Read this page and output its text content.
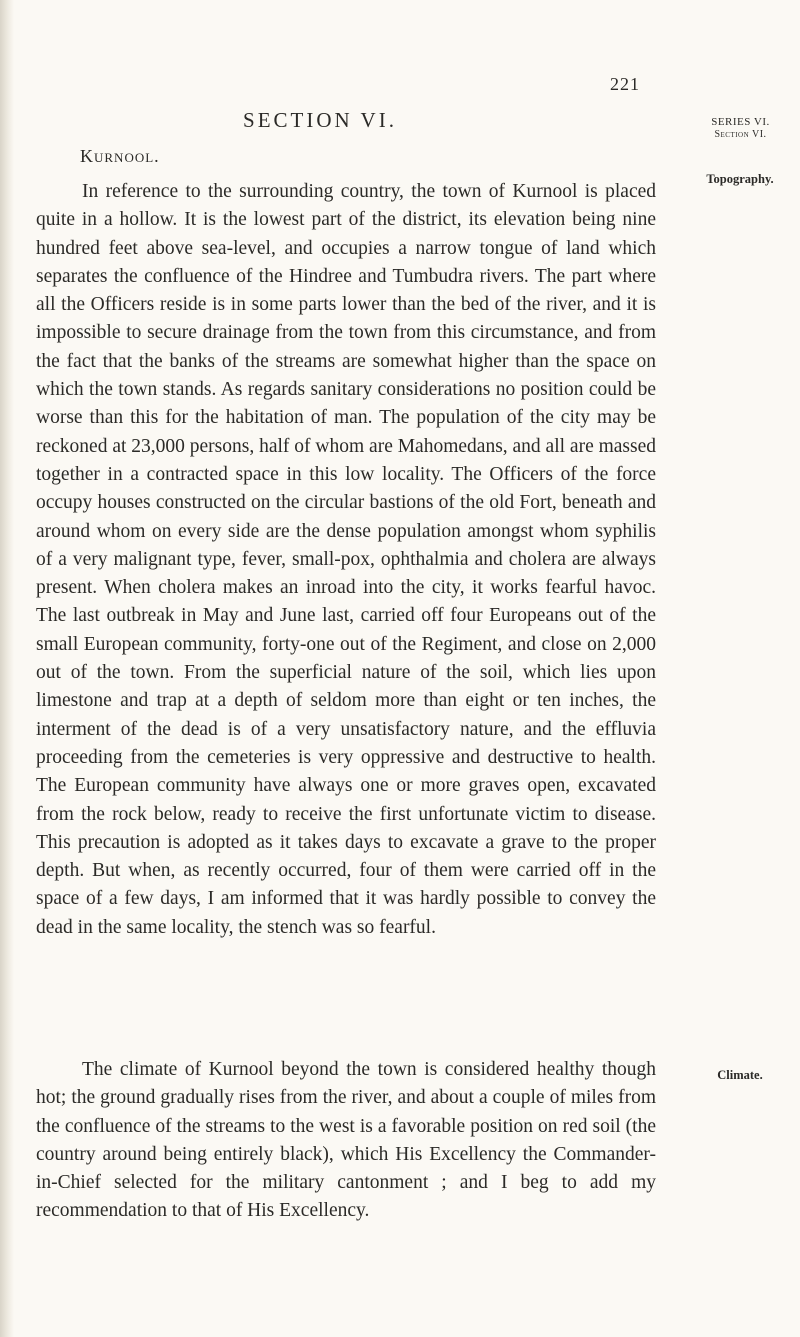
221
SECTION VI.
Kurnool.
SERIES VI.
Section VI.
Topography.
Climate.

In reference to the surrounding country, the town of Kurnool is placed quite in a hollow. It is the lowest part of the district, its elevation being nine hundred feet above sea-level, and occupies a narrow tongue of land which separates the confluence of the Hindree and Tumbudra rivers. The part where all the Officers reside is in some parts lower than the bed of the river, and it is impossible to secure drainage from the town from this circumstance, and from the fact that the banks of the streams are somewhat higher than the space on which the town stands. As regards sanitary considerations no position could be worse than this for the habitation of man. The population of the city may be reckoned at 23,000 persons, half of whom are Mahomedans, and all are massed together in a contracted space in this low locality. The Officers of the force occupy houses constructed on the circular bastions of the old Fort, beneath and around whom on every side are the dense population amongst whom syphilis of a very malignant type, fever, small-pox, ophthalmia and cholera are always present. When cholera makes an inroad into the city, it works fearful havoc. The last outbreak in May and June last, carried off four Europeans out of the small European community, forty-one out of the Regiment, and close on 2,000 out of the town. From the superficial nature of the soil, which lies upon limestone and trap at a depth of seldom more than eight or ten inches, the interment of the dead is of a very unsatisfactory nature, and the effluvia proceeding from the cemeteries is very oppressive and destructive to health. The European community have always one or more graves open, excavated from the rock below, ready to receive the first unfortunate victim to disease. This precaution is adopted as it takes days to excavate a grave to the proper depth. But when, as recently occurred, four of them were carried off in the space of a few days, I am informed that it was hardly possible to convey the dead in the same locality, the stench was so fearful.

The climate of Kurnool beyond the town is considered healthy though hot; the ground gradually rises from the river, and about a couple of miles from the confluence of the streams to the west is a favorable position on red soil (the country around being entirely black), which His Excellency the Commander-in-Chief selected for the military cantonment ; and I beg to add my recommendation to that of His Excellency.
